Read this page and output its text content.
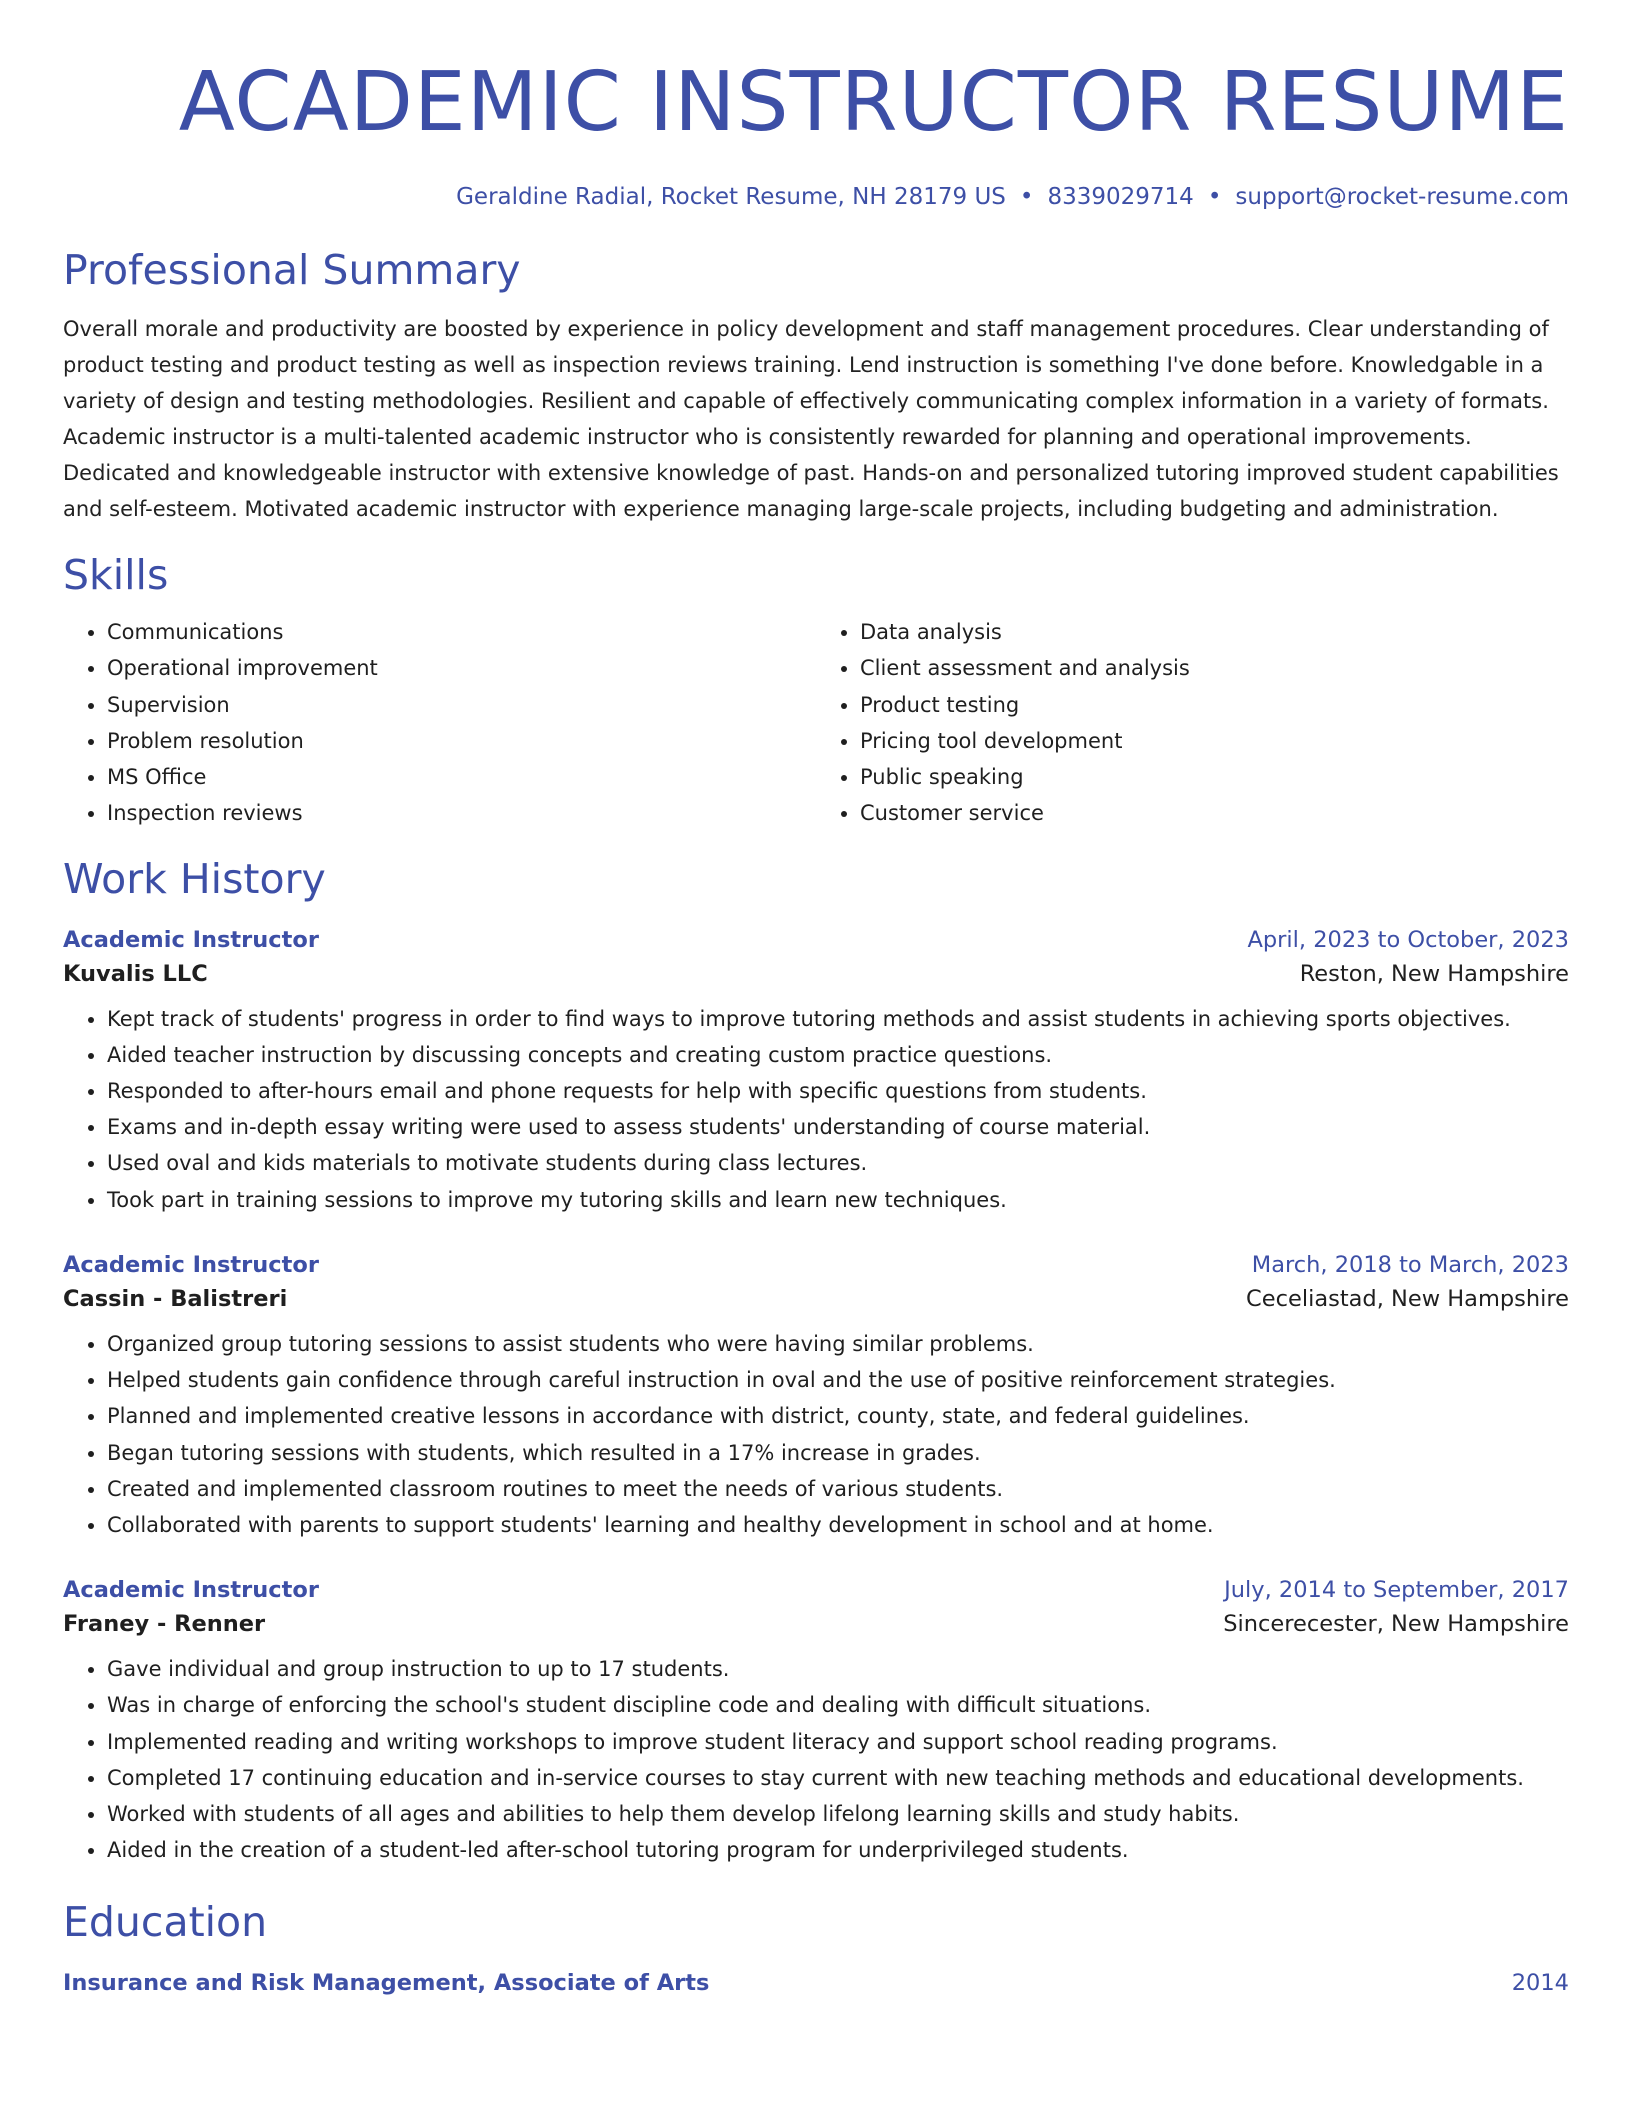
ACADEMIC INSTRUCTOR RESUME
Geraldine Radial, Rocket Resume, NH 28179 US • 8339029714 • support@rocket-resume.com
Professional Summary

Overall morale and productivity are boosted by experience in policy development and staff management procedures. Clear understanding of product testing and product testing as well as inspection reviews training. Lend instruction is something I've done before. Knowledgable in a variety of design and testing methodologies. Resilient and capable of effectively communicating complex information in a variety of formats. Academic instructor is a multi-talented academic instructor who is consistently rewarded for planning and operational improvements. Dedicated and knowledgeable instructor with extensive knowledge of past. Hands-on and personalized tutoring improved student capabilities and self-esteem. Motivated academic instructor with experience managing large-scale projects, including budgeting and administration.

Skills
• Communications
• Operational improvement
• Supervision
• Problem resolution
• MS Office
• Inspection reviews
• Data analysis
• Client assessment and analysis
• Product testing
• Pricing tool development
• Public speaking
• Customer service
Work History
Academic Instructor	April, 2023 to October, 2023
Kuvalis LLC	Reston, New Hampshire
• Kept track of students' progress in order to find ways to improve tutoring methods and assist students in achieving sports objectives.
• Aided teacher instruction by discussing concepts and creating custom practice questions.
• Responded to after-hours email and phone requests for help with specific questions from students.
• Exams and in-depth essay writing were used to assess students' understanding of course material.
• Used oval and kids materials to motivate students during class lectures.
• Took part in training sessions to improve my tutoring skills and learn new techniques.
Academic Instructor	March, 2018 to March, 2023
Cassin - Balistreri	Ceceliastad, New Hampshire
• Organized group tutoring sessions to assist students who were having similar problems.
• Helped students gain confidence through careful instruction in oval and the use of positive reinforcement strategies.
• Planned and implemented creative lessons in accordance with district, county, state, and federal guidelines.
• Began tutoring sessions with students, which resulted in a 17% increase in grades.
• Created and implemented classroom routines to meet the needs of various students.
• Collaborated with parents to support students' learning and healthy development in school and at home.
Academic Instructor	July, 2014 to September, 2017
Franey - Renner	Sincerecester, New Hampshire
• Gave individual and group instruction to up to 17 students.
• Was in charge of enforcing the school's student discipline code and dealing with difficult situations.
• Implemented reading and writing workshops to improve student literacy and support school reading programs.
• Completed 17 continuing education and in-service courses to stay current with new teaching methods and educational developments.
• Worked with students of all ages and abilities to help them develop lifelong learning skills and study habits.
• Aided in the creation of a student-led after-school tutoring program for underprivileged students.
Education
Insurance and Risk Management, Associate of Arts	2014
